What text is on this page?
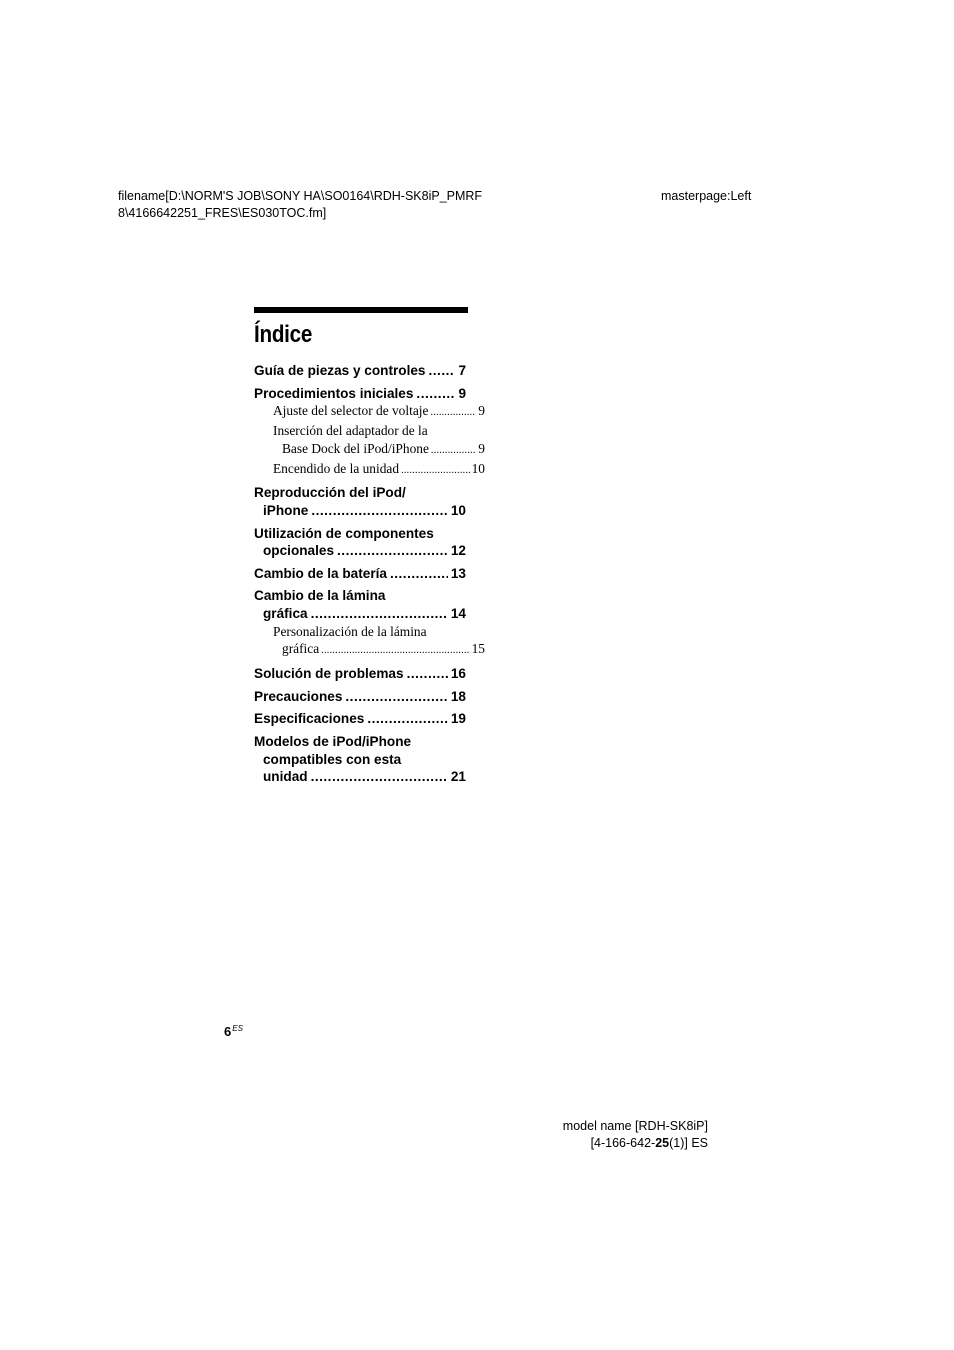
filename[D:\NORM'S JOB\SONY HA\SO0164\RDH-SK8iP_PMRF
8\4166642251_FRES\ES030TOC.fm]
masterpage:Left
Índice
Guía de piezas y controles ..... 7
Procedimientos iniciales .....	9
Ajuste del selector de voltaje .....	9
Inserción del adaptador de la
Base Dock del iPod/iPhone .....	9
Encendido de la unidad .....	10
Reproducción del iPod/
iPhone .....	10
Utilización de componentes
opcionales .....	12
Cambio de la batería .....	13
Cambio de la lámina
gráfica .....	14
Personalización de la lámina
gráfica .....	15
Solución de problemas .....	16
Precauciones .....	18
Especificaciones .....	19
Modelos de iPod/iPhone
compatibles con esta
unidad .....	21
$6^{ES}$
model name [RDH-SK8iP]
[4-166-642-25(1)] ES
